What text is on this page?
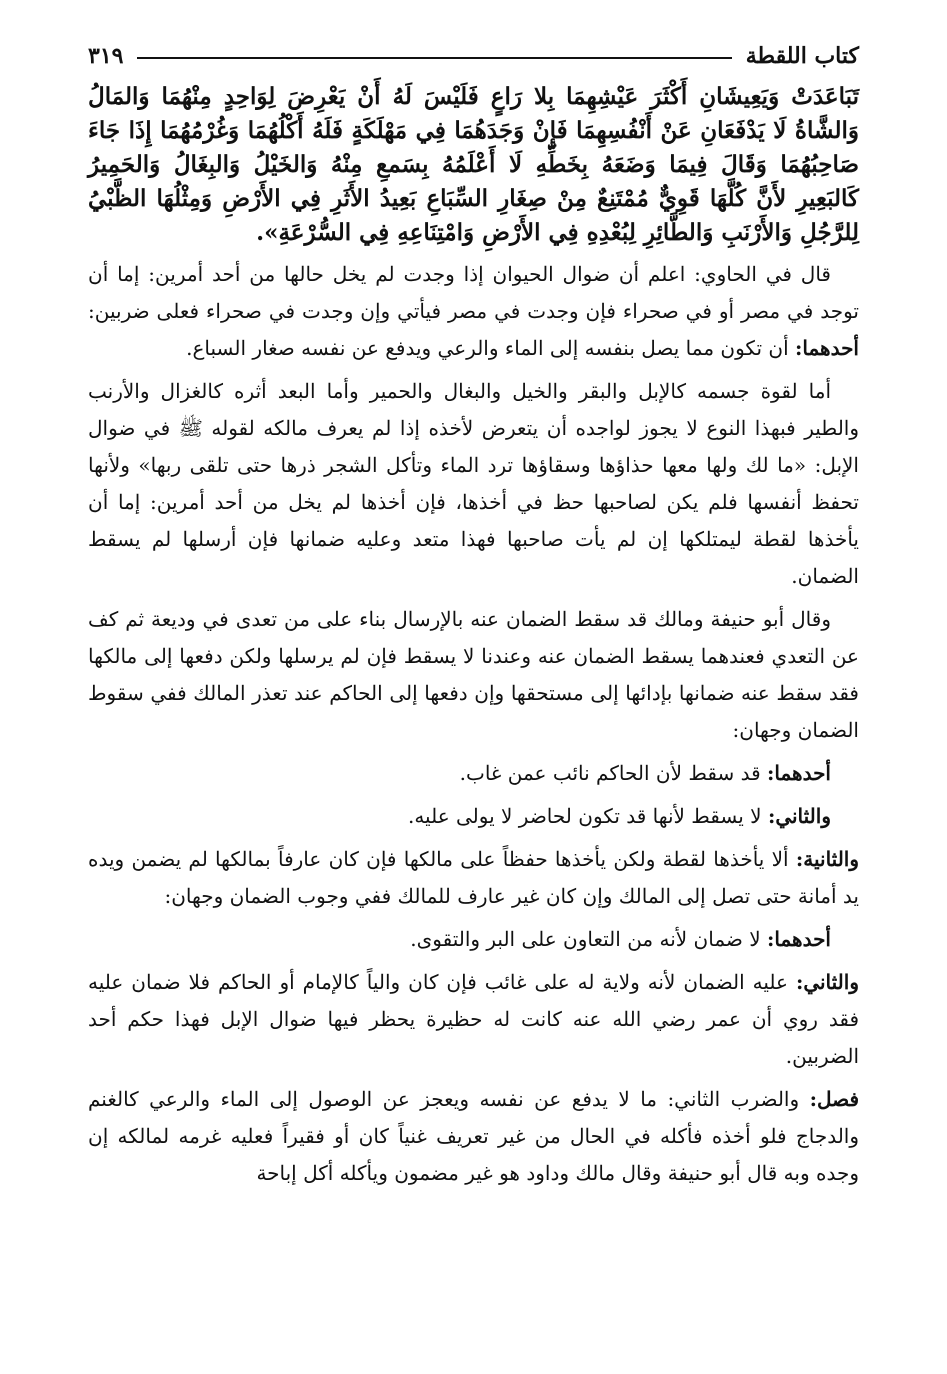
كتاب اللقطة
٣١٩

تَبَاعَدَتْ وَيَعِيشَانِ أَكْثَرَ عَيْشِهِمَا بِلا رَاعٍ فَلَيْسَ لَهُ أَنْ يَعْرِضَ لِوَاحِدٍ مِنْهُمَا وَالمَالُ وَالشَّاةُ لَا يَدْفَعَانِ عَنْ أَنْفُسِهِمَا فَإِنْ وَجَدَهُمَا فِي مَهْلَكَةٍ فَلَهُ أَكْلُهُمَا وَغُرْمُهُمَا إِذَا جَاءَ صَاحِبُهُمَا وَقَالَ فِيمَا وَضَعَهُ بِخَطِّهِ لَا أَعْلَمُهُ بِسَمعِ مِنْهُ وَالخَيْلُ وَالبِغَالُ وَالحَمِيرُ كَالبَعِيرِ لأَنَّ كُلَّهَا قَوِيٌّ مُمْتَنِعٌ مِنْ صِغَارِ السِّبَاعِ بَعِيدُ الأَثَرِ فِي الأَرْضِ وَمِثْلُهَا الظَّبْيُ لِلرَّجُلِ وَالأَرْنَبِ وَالطَّائِرِ لِبُعْدِهِ فِي الأَرْضِ وَامْتِنَاعِهِ فِي السُّرْعَةِ».

قال في الحاوي: اعلم أن ضوال الحيوان إذا وجدت لم يخل حالها من أحد أمرين: إما أن توجد في مصر أو في صحراء فإن وجدت في مصر فيأتي وإن وجدت في صحراء فعلى ضربين: أحدهما: أن تكون مما يصل بنفسه إلى الماء والرعي ويدفع عن نفسه صغار السباع.

أما لقوة جسمه كالإبل والبقر والخيل والبغال والحمير وأما البعد أثره كالغزال والأرنب والطير فبهذا النوع لا يجوز لواجده أن يتعرض لأخذه إذا لم يعرف مالكه لقوله ﷺ في ضوال الإبل: «ما لك ولها معها حذاؤها وسقاؤها ترد الماء وتأكل الشجر ذرها حتى تلقى ربها» ولأنها تحفظ أنفسها فلم يكن لصاحبها حظ في أخذها، فإن أخذها لم يخل من أحد أمرين: إما أن يأخذها لقطة ليمتلكها إن لم يأت صاحبها فهذا متعد وعليه ضمانها فإن أرسلها لم يسقط الضمان.

وقال أبو حنيفة ومالك قد سقط الضمان عنه بالإرسال بناء على من تعدى في وديعة ثم كف عن التعدي فعندهما يسقط الضمان عنه وعندنا لا يسقط فإن لم يرسلها ولكن دفعها إلى مالكها فقد سقط عنه ضمانها بإدائها إلى مستحقها وإن دفعها إلى الحاكم عند تعذر المالك ففي سقوط الضمان وجهان:

أحدهما: قد سقط لأن الحاكم نائب عمن غاب.

والثاني: لا يسقط لأنها قد تكون لحاضر لا يولى عليه.

والثانية: ألا يأخذها لقطة ولكن يأخذها حفظاً على مالكها فإن كان عارفاً بمالكها لم يضمن ويده يد أمانة حتى تصل إلى المالك وإن كان غير عارف للمالك ففي وجوب الضمان وجهان:

أحدهما: لا ضمان لأنه من التعاون على البر والتقوى.

والثاني: عليه الضمان لأنه ولاية له على غائب فإن كان والياً كالإمام أو الحاكم فلا ضمان عليه فقد روي أن عمر رضي الله عنه كانت له حظيرة يحظر فيها ضوال الإبل فهذا حكم أحد الضربين.

فصل: والضرب الثاني: ما لا يدفع عن نفسه ويعجز عن الوصول إلى الماء والرعي كالغنم والدجاج فلو أخذه فأكله في الحال من غير تعريف غنياً كان أو فقيراً فعليه غرمه لمالكه إن وجده وبه قال أبو حنيفة وقال مالك وداود هو غير مضمون ويأكله أكل إباحة
